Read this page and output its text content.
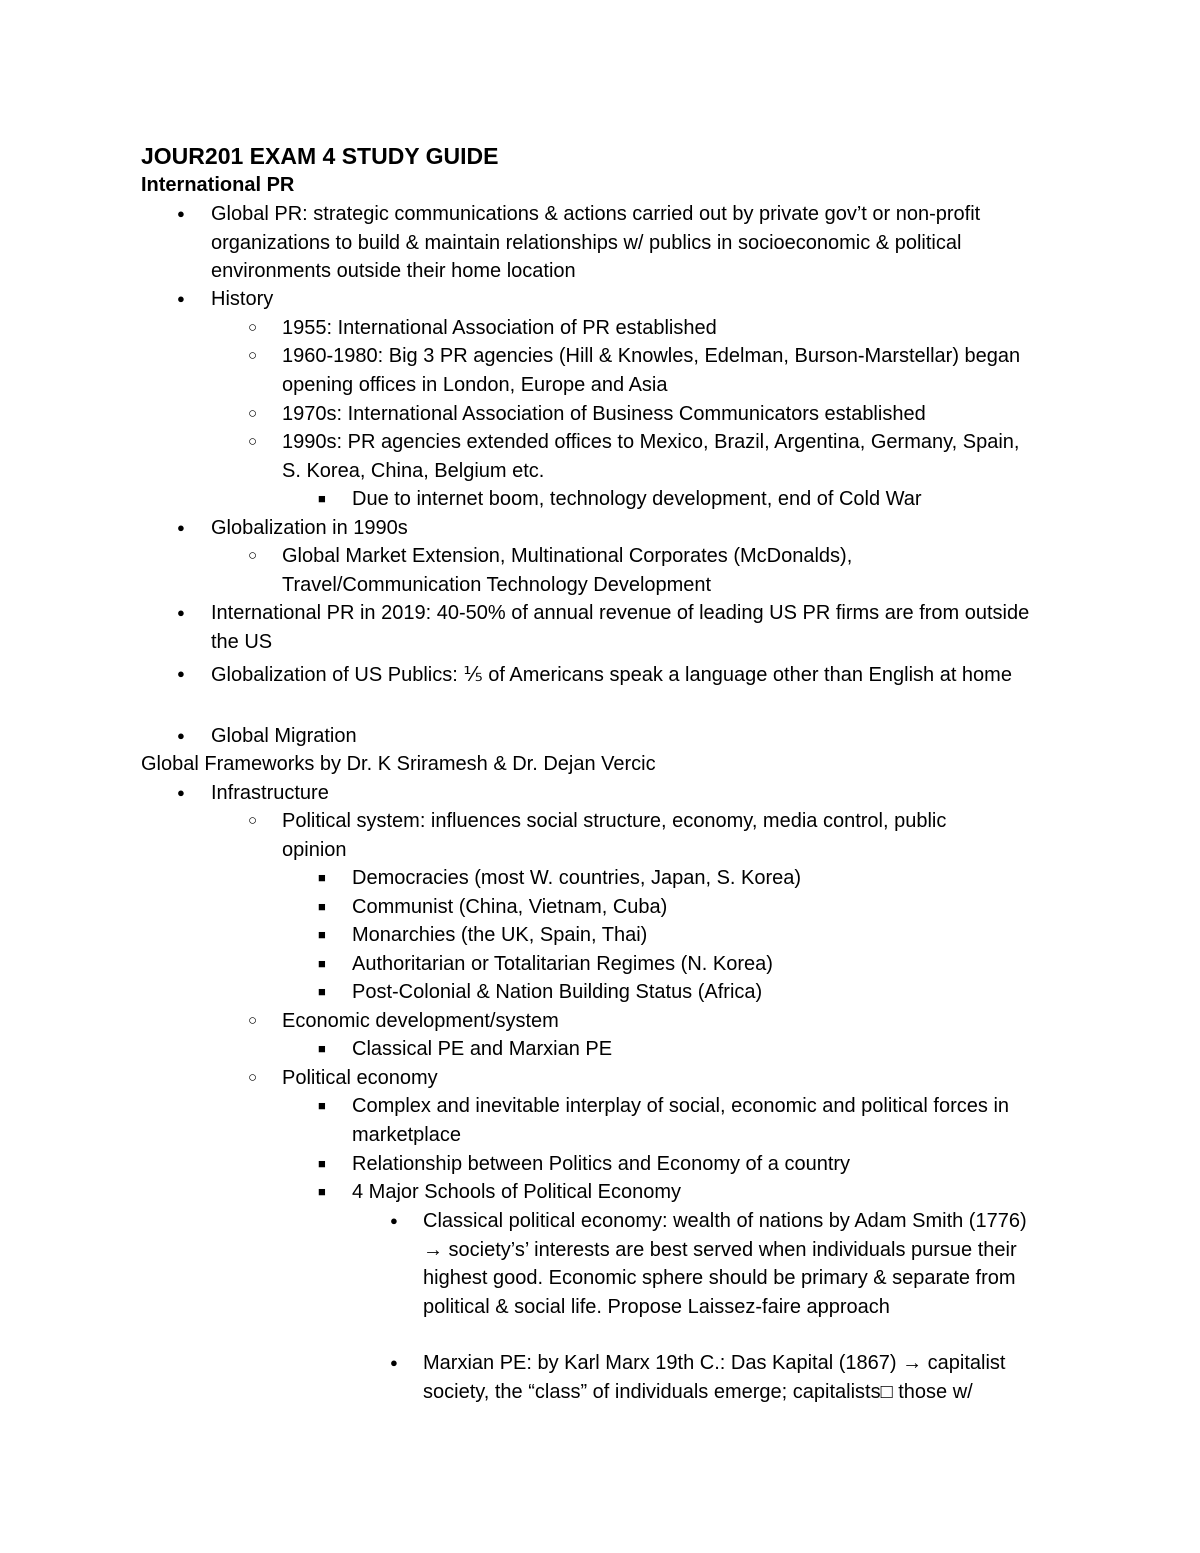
JOUR201 EXAM 4 STUDY GUIDE
International PR
● Global PR: strategic communications & actions carried out by private gov’t or non-profit organizations to build & maintain relationships w/ publics in socioeconomic & political environments outside their home location
● History
○ 1955: International Association of PR established
○ 1960-1980: Big 3 PR agencies (Hill & Knowles, Edelman, Burson-Marstellar) began opening offices in London, Europe and Asia
○ 1970s: International Association of Business Communicators established
○ 1990s: PR agencies extended offices to Mexico, Brazil, Argentina, Germany, Spain, S. Korea, China, Belgium etc.
■ Due to internet boom, technology development, end of Cold War
● Globalization in 1990s
○ Global Market Extension, Multinational Corporates (McDonalds), Travel/Communication Technology Development
● International PR in 2019: 40-50% of annual revenue of leading US PR firms are from outside the US
● Globalization of US Publics: ⅕ of Americans speak a language other than English at home
● Global Migration
Global Frameworks by Dr. K Sriramesh & Dr. Dejan Vercic
● Infrastructure
○ Political system: influences social structure, economy, media control, public opinion
■ Democracies (most W. countries, Japan, S. Korea)
■ Communist (China, Vietnam, Cuba)
■ Monarchies (the UK, Spain, Thai)
■ Authoritarian or Totalitarian Regimes (N. Korea)
■ Post-Colonial & Nation Building Status (Africa)
○ Economic development/system
■ Classical PE and Marxian PE
○ Political economy
■ Complex and inevitable interplay of social, economic and political forces in marketplace
■ Relationship between Politics and Economy of a country
■ 4 Major Schools of Political Economy
● Classical political economy: wealth of nations by Adam Smith (1776) → society’s’ interests are best served when individuals pursue their highest good. Economic sphere should be primary & separate from political & social life. Propose Laissez-faire approach
● Marxian PE: by Karl Marx 19th C.: Das Kapital (1867) → capitalist society, the “class” of individuals emerge; capitalists□ those w/
